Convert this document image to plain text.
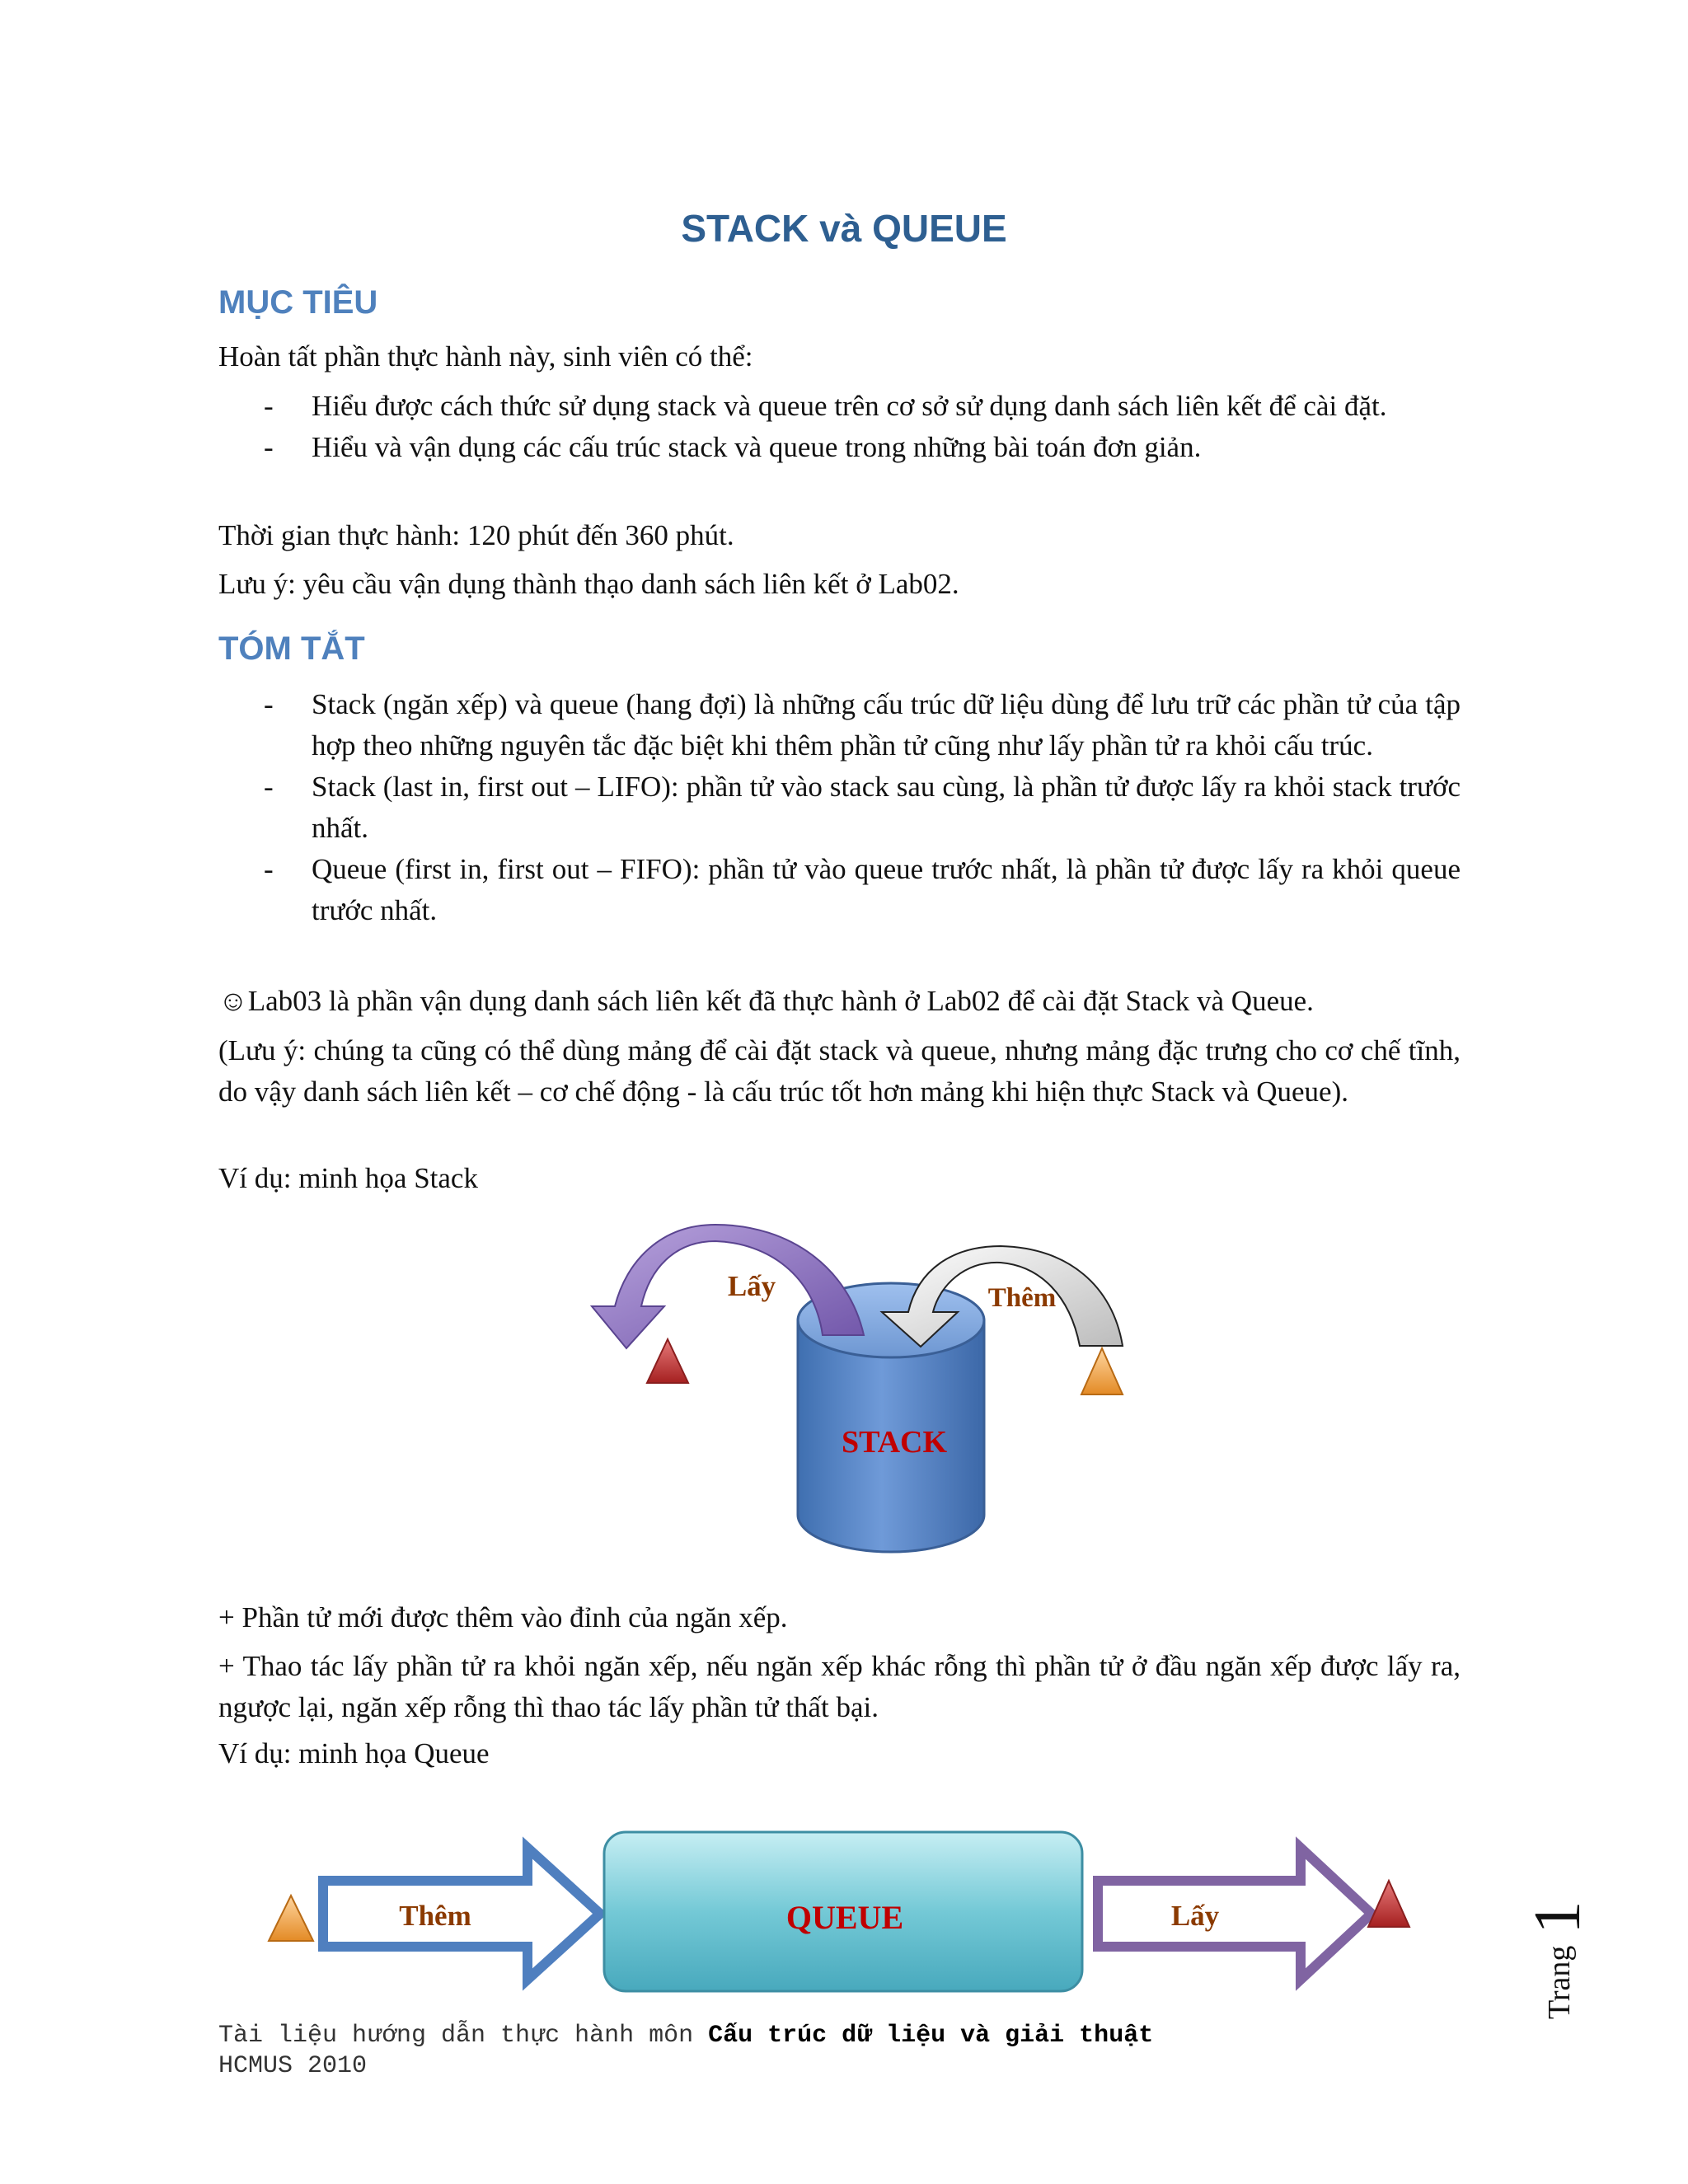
STACK và QUEUE
MỤC TIÊU
Hoàn tất phần thực hành này, sinh viên có thể:
- Hiểu được cách thức sử dụng stack và queue trên cơ sở sử dụng danh sách liên kết để cài đặt.
- Hiểu và vận dụng các cấu trúc stack và queue trong những bài toán đơn giản.
Thời gian thực hành: 120 phút đến 360 phút.
Lưu ý: yêu cầu vận dụng thành thạo danh sách liên kết ở Lab02.
TÓM TẮT
- Stack (ngăn xếp) và queue (hang đợi) là những cấu trúc dữ liệu dùng để lưu trữ các phần tử của tập hợp theo những nguyên tắc đặc biệt khi thêm phần tử cũng như lấy phần tử ra khỏi cấu trúc.
- Stack (last in, first out – LIFO): phần tử vào stack sau cùng, là phần tử được lấy ra khỏi stack trước nhất.
- Queue (first in, first out – FIFO): phần tử vào queue trước nhất, là phần tử được lấy ra khỏi queue trước nhất.
☺Lab03 là phần vận dụng danh sách liên kết đã thực hành ở Lab02 để cài đặt Stack và Queue.
(Lưu ý: chúng ta cũng có thể dùng mảng để cài đặt stack và queue, nhưng mảng đặc trưng cho cơ chế tĩnh, do vậy danh sách liên kết – cơ chế động - là cấu trúc tốt hơn mảng khi hiện thực Stack và Queue).
Ví dụ: minh họa Stack
STACK
Lấy	Thêm
Thêm	QUEUE	Lấy
+ Phần tử mới được thêm vào đỉnh của ngăn xếp.
+ Thao tác lấy phần tử ra khỏi ngăn xếp, nếu ngăn xếp khác rỗng thì phần tử ở đầu ngăn xếp được lấy ra, ngược lại, ngăn xếp rỗng thì thao tác lấy phần tử thất bại.
Ví dụ: minh họa Queue
Tài liệu hướng dẫn thực hành môn Cấu trúc dữ liệu và giải thuật
HCMUS 2010
Trang
1
